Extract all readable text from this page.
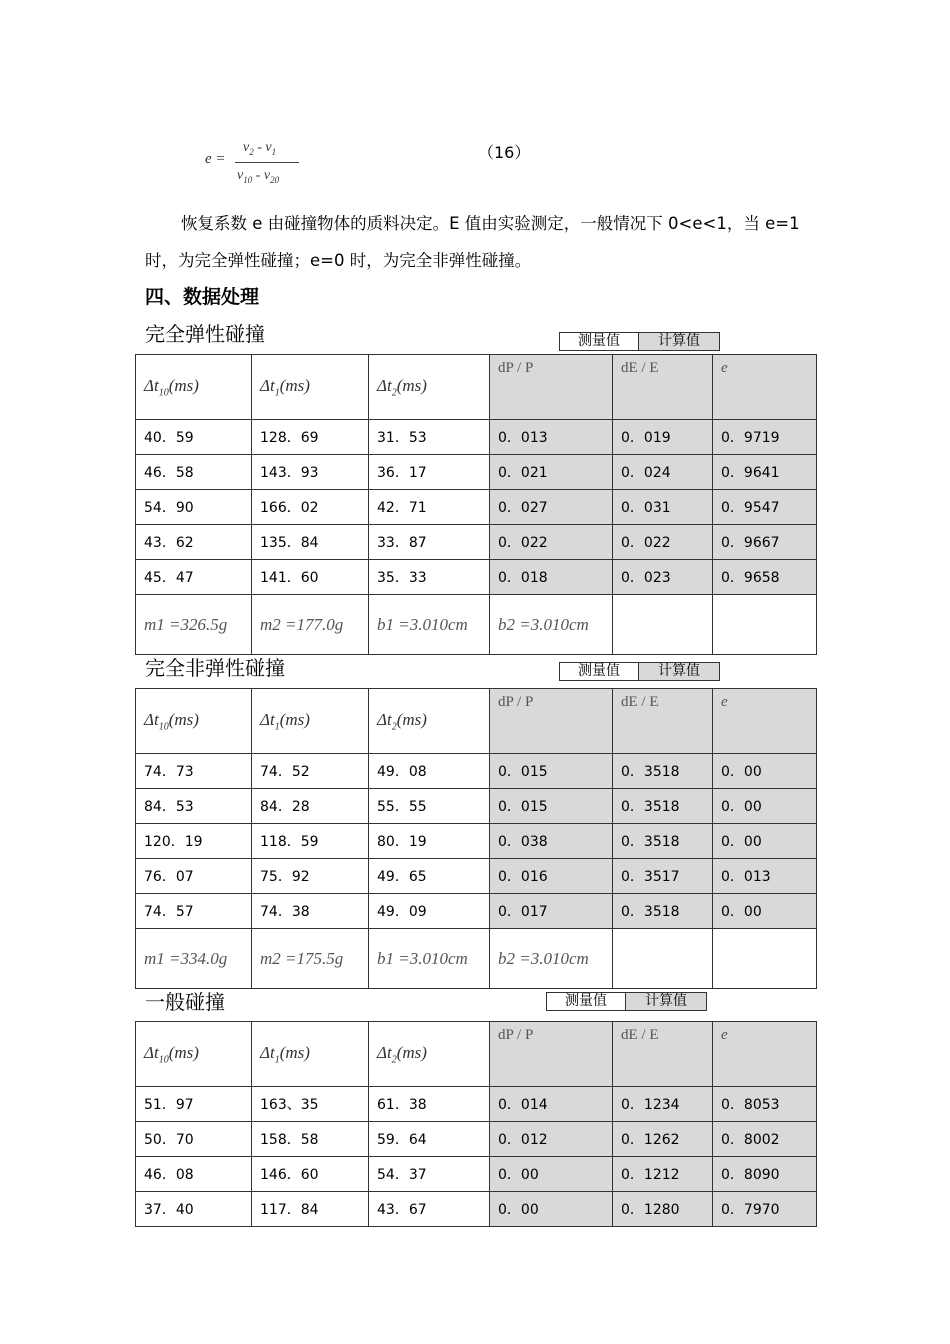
e =
$v_2 - v_1$
$v_{10} - v_{20}$
（16）
恢复系数 e 由碰撞物体的质料决定。E 值由实验测定，一般情况下 0<e<1，当 e=1 时，为完全弹性碰撞；e=0 时，为完全非弹性碰撞。
四、数据处理
完全弹性碰撞	测量值	计算值
$\Delta t_{10}(ms)$	$\Delta t_1(ms)$	$\Delta t_2(ms)$	dP / P	dE / E	e
40．59	128．69	31．53	0．013	0．019	0．9719
46．58	143．93	36．17	0．021	0．024	0．9641
54．90	166．02	42．71	0．027	0．031	0．9547
43．62	135．84	33．87	0．022	0．022	0．9667
45．47	141．60	35．33	0．018	0．023	0．9658
m1 =326.5g	m2 =177.0g	b1 =3.010cm	b2 =3.010cm		
完全非弹性碰撞	测量值	计算值
$\Delta t_{10}(ms)$	$\Delta t_1(ms)$	$\Delta t_2(ms)$	dP / P	dE / E	e
74．73	74．52	49．08	0．015	0．3518	0．00
84．53	84．28	55．55	0．015	0．3518	0．00
120．19	118．59	80．19	0．038	0．3518	0．00
76．07	75．92	49．65	0．016	0．3517	0．013
74．57	74．38	49．09	0．017	0．3518	0．00
m1 =334.0g	m2 =175.5g	b1 =3.010cm	b2 =3.010cm		
一般碰撞	测量值	计算值
$\Delta t_{10}(ms)$	$\Delta t_1(ms)$	$\Delta t_2(ms)$	dP / P	dE / E	e
51．97	163、35	61．38	0．014	0．1234	0．8053
50．70	158．58	59．64	0．012	0．1262	0．8002
46．08	146．60	54．37	0．00	0．1212	0．8090
37．40	117．84	43．67	0．00	0．1280	0．7970
